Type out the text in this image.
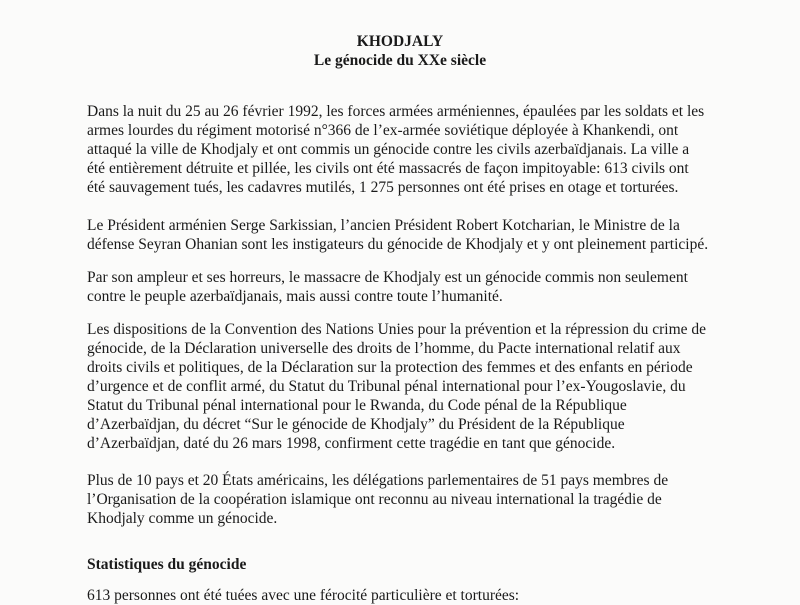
KHODJALY
Le génocide du XXe siècle
Dans la nuit du 25 au 26 février 1992, les forces armées arméniennes, épaulées par les soldats et les
armes lourdes du régiment motorisé n°366 de l’ex-armée soviétique déployée à Khankendi, ont
attaqué la ville de Khodjaly et ont commis un génocide contre les civils azerbaïdjanais. La ville a
été entièrement détruite et pillée, les civils ont été massacrés de façon impitoyable: 613 civils ont
été sauvagement tués, les cadavres mutilés, 1 275 personnes ont été prises en otage et torturées.
Le Président arménien Serge Sarkissian, l’ancien Président Robert Kotcharian, le Ministre de la
défense Seyran Ohanian sont les instigateurs du génocide de Khodjaly et y ont pleinement participé.
Par son ampleur et ses horreurs, le massacre de Khodjaly est un génocide commis non seulement
contre le peuple azerbaïdjanais, mais aussi contre toute l’humanité.
Les dispositions de la Convention des Nations Unies pour la prévention et la répression du crime de
génocide, de la Déclaration universelle des droits de l’homme, du Pacte international relatif aux
droits civils et politiques, de la Déclaration sur la protection des femmes et des enfants en période
d’urgence et de conflit armé, du Statut du Tribunal pénal international pour l’ex-Yougoslavie, du
Statut du Tribunal pénal international pour le Rwanda, du Code pénal de la République
d’Azerbaïdjan, du décret “Sur le génocide de Khodjaly” du Président de la République
d’Azerbaïdjan, daté du 26 mars 1998, confirment cette tragédie en tant que génocide.
Plus de 10 pays et 20 États américains, les délégations parlementaires de 51 pays membres de
l’Organisation de la coopération islamique ont reconnu au niveau international la tragédie de
Khodjaly comme un génocide.
Statistiques du génocide
613 personnes ont été tuées avec une férocité particulière et torturées:
